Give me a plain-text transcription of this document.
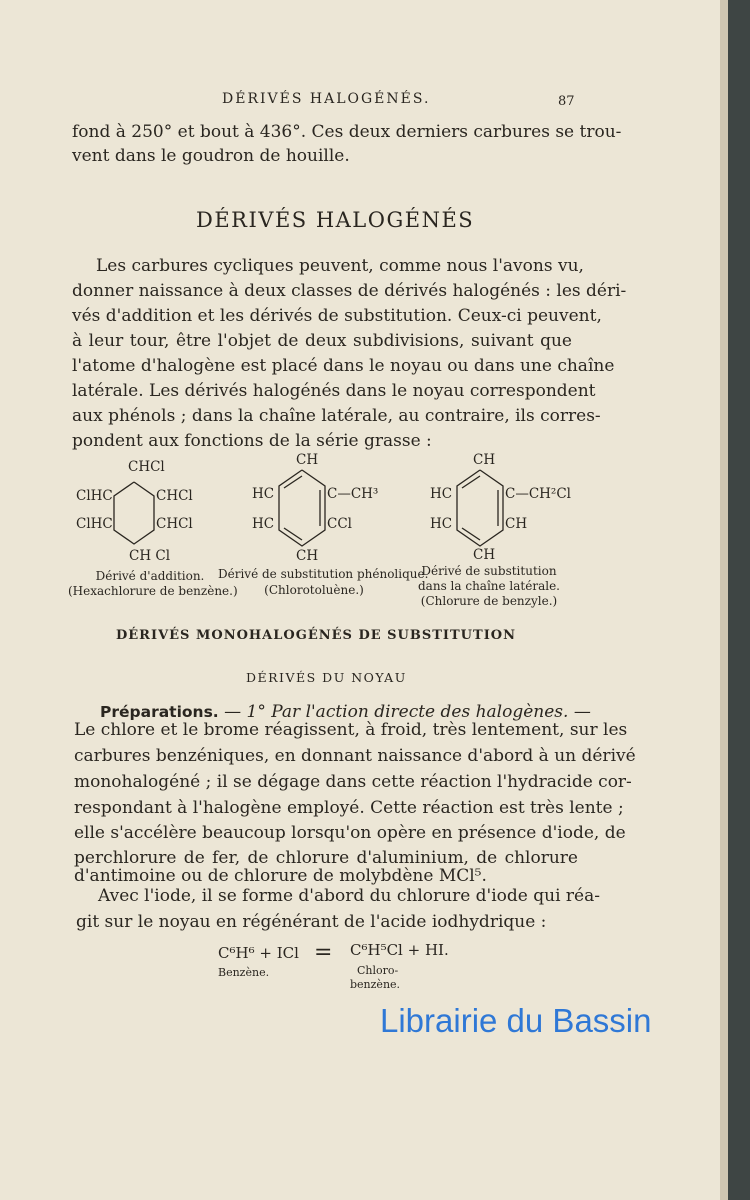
DÉRIVÉS HALOGÉNÉS.	87
fond à 250° et bout à 436°. Ces deux derniers carbures se trou-
vent dans le goudron de houille.
DÉRIVÉS HALOGÉNÉS
Les carbures cycliques peuvent, comme nous l'avons vu,
donner naissance à deux classes de dérivés halogénés : les déri-
vés d'addition et les dérivés de substitution. Ceux-ci peuvent,
à leur tour, être l'objet de deux subdivisions, suivant que
l'atome d'halogène est placé dans le noyau ou dans une chaîne
latérale. Les dérivés halogénés dans le noyau correspondent
aux phénols ; dans la chaîne latérale, au contraire, ils corres-
pondent aux fonctions de la série grasse :
CHCl
ClHC	CHCl
ClHC	CHCl
CH Cl
Dérivé d'addition.
(Hexachlorure de benzène.)
CH
HC	C—CH³
HC	CCl
CH
Dérivé de substitution phénolique.
(Chlorotoluène.)
CH
HC	C—CH²Cl
HC	CH
CH
Dérivé de substitution
dans la chaîne latérale.
(Chlorure de benzyle.)
DÉRIVÉS MONOHALOGÉNÉS DE SUBSTITUTION
DÉRIVÉS DU NOYAU
Préparations. — 1° Par l'action directe des halogènes. —
Le chlore et le brome réagissent, à froid, très lentement, sur les
carbures benzéniques, en donnant naissance d'abord à un dérivé
monohalogéné ; il se dégage dans cette réaction l'hydracide cor-
respondant à l'halogène employé. Cette réaction est très lente ;
elle s'accélère beaucoup lorsqu'on opère en présence d'iode, de
perchlorure de fer, de chlorure d'aluminium, de chlorure
d'antimoine ou de chlorure de molybdène MCl⁵.
Avec l'iode, il se forme d'abord du chlorure d'iode qui réa-
git sur le noyau en régénérant de l'acide iodhydrique :
C⁶H⁶ + ICl = C⁶H⁵Cl + HI.
Benzène.	Chloro-
benzène.
Librairie du Bassin
